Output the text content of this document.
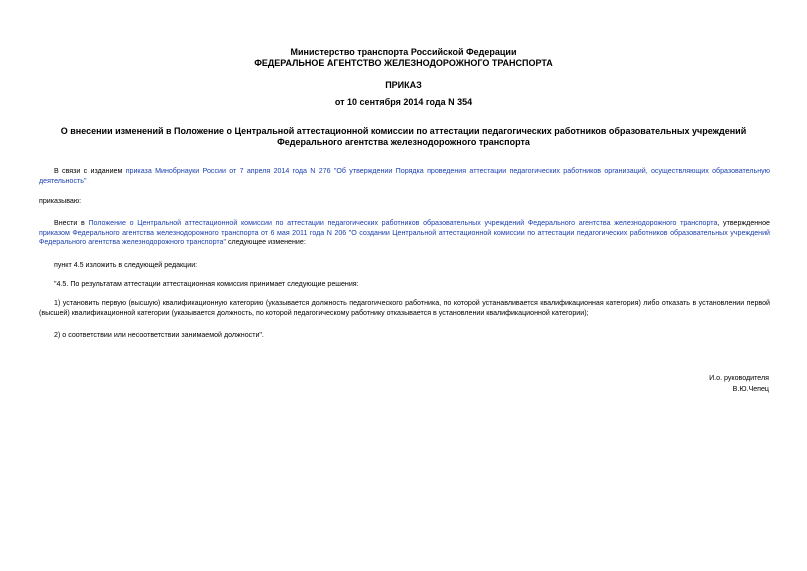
Министерство транспорта Российской Федерации
ФЕДЕРАЛЬНОЕ АГЕНТСТВО ЖЕЛЕЗНОДОРОЖНОГО ТРАНСПОРТА
ПРИКАЗ
от 10 сентября 2014 года N 354
О внесении изменений в Положение о Центральной аттестационной комиссии по аттестации педагогических работников образовательных учреждений
Федерального агентства железнодорожного транспорта
В связи с изданием приказа Минобрнауки России от 7 апреля 2014 года N 276 "Об утверждении Порядка проведения аттестации педагогических работников организаций, осуществляющих образовательную деятельность"
приказываю:
Внести в Положение о Центральной аттестационной комиссии по аттестации педагогических работников образовательных учреждений Федерального агентства железнодорожного транспорта, утвержденное приказом Федерального агентства железнодорожного транспорта от 6 мая 2011 года N 206 "О создании Центральной аттестационной комиссии по аттестации педагогических работников образовательных учреждений Федерального агентства железнодорожного транспорта" следующее изменение:
пункт 4.5 изложить в следующей редакции:
"4.5. По результатам аттестации аттестационная комиссия принимает следующие решения:
1) установить первую (высшую) квалификационную категорию (указывается должность педагогического работника, по которой устанавливается квалификационная категория) либо отказать в установлении первой (высшей) квалификационной категории (указывается должность, по которой педагогическому работнику отказывается в установлении квалификационной категории);
2) о соответствии или несоответствии занимаемой должности".
И.о. руководителя
В.Ю.Чепец
